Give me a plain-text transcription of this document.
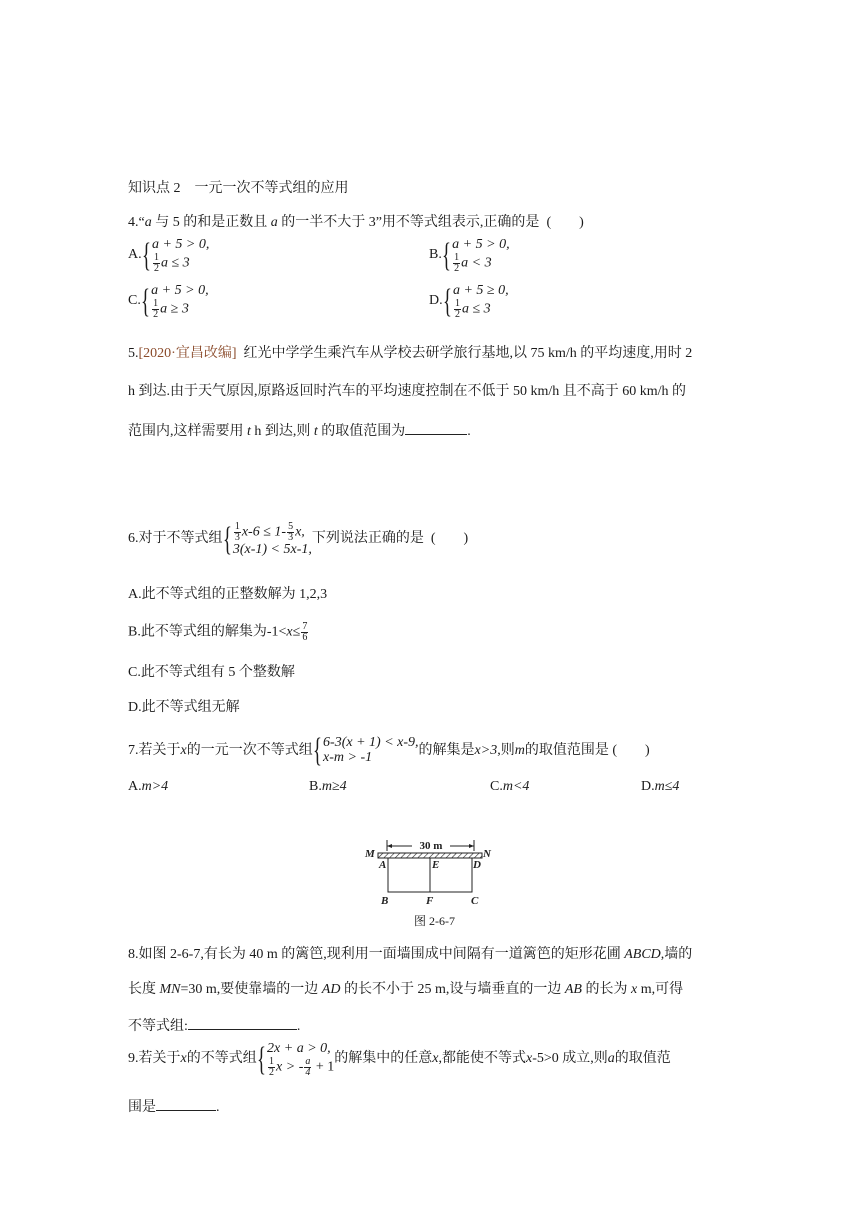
知识点 2 一元一次不等式组的应用
4.“a 与 5 的和是正数且 a 的一半不大于 3”用不等式组表示,正确的是 (        )
A. { a + 5 > 0,
$\frac{1}{2}$ a ≤ 3
B. { a + 5 > 0,
$\frac{1}{2}$ a < 3
C. { a + 5 > 0,
$\frac{1}{2}$ a ≥ 3
D. { a + 5 ≥ 0,
$\frac{1}{2}$ a ≤ 3
5.[2020·宜昌改编] 红光中学学生乘汽车从学校去研学旅行基地,以 75 km/h 的平均速度,用时 2
h 到达.由于天气原因,原路返回时汽车的平均速度控制在不低于 50 km/h 且不高于 60 km/h 的
范围内,这样需要用 t h 到达,则 t 的取值范围为	.
6.对于不等式组 { $\frac{1}{3} x-6 \le 1- \frac{5}{3} x$,
3(x-1) < 5x-1,
下列说法正确的是
(        )
A.此不等式组的正整数解为 1,2,3
B.此不等式组的解集为$-1<x\le \frac{7}{6}$
C.此不等式组有 5 个整数解
D.此不等式组无解
7.若关于 x 的一元一次不等式组 { 6-3(x + 1) < x-9,
x-m > -1	的解集是 x>3 ,则 m 的取值范围是
(        )
A.m>4	B.m≥4	C.m<4	D.m≤4
30 m
M	N
A	E	D
B	F	C
图 2-6-7
8.如图 2-6-7,有长为 40 m 的篱笆,现利用一面墙围成中间隔有一道篱笆的矩形花圃 ABCD,墙的
长度 MN=30 m,要使靠墙的一边 AD 的长不小于 25 m,设与墙垂直的一边 AB 的长为 x m,可得
不等式组:	.
9.若关于 x 的不等式组 { 2x + a > 0,
$\frac{1}{2}$ x > - $\frac{a}{4} + 1$
的解集中的任意 x ,都能使不等式 x -5>0 成立,则 a 的取值范
围是	.
